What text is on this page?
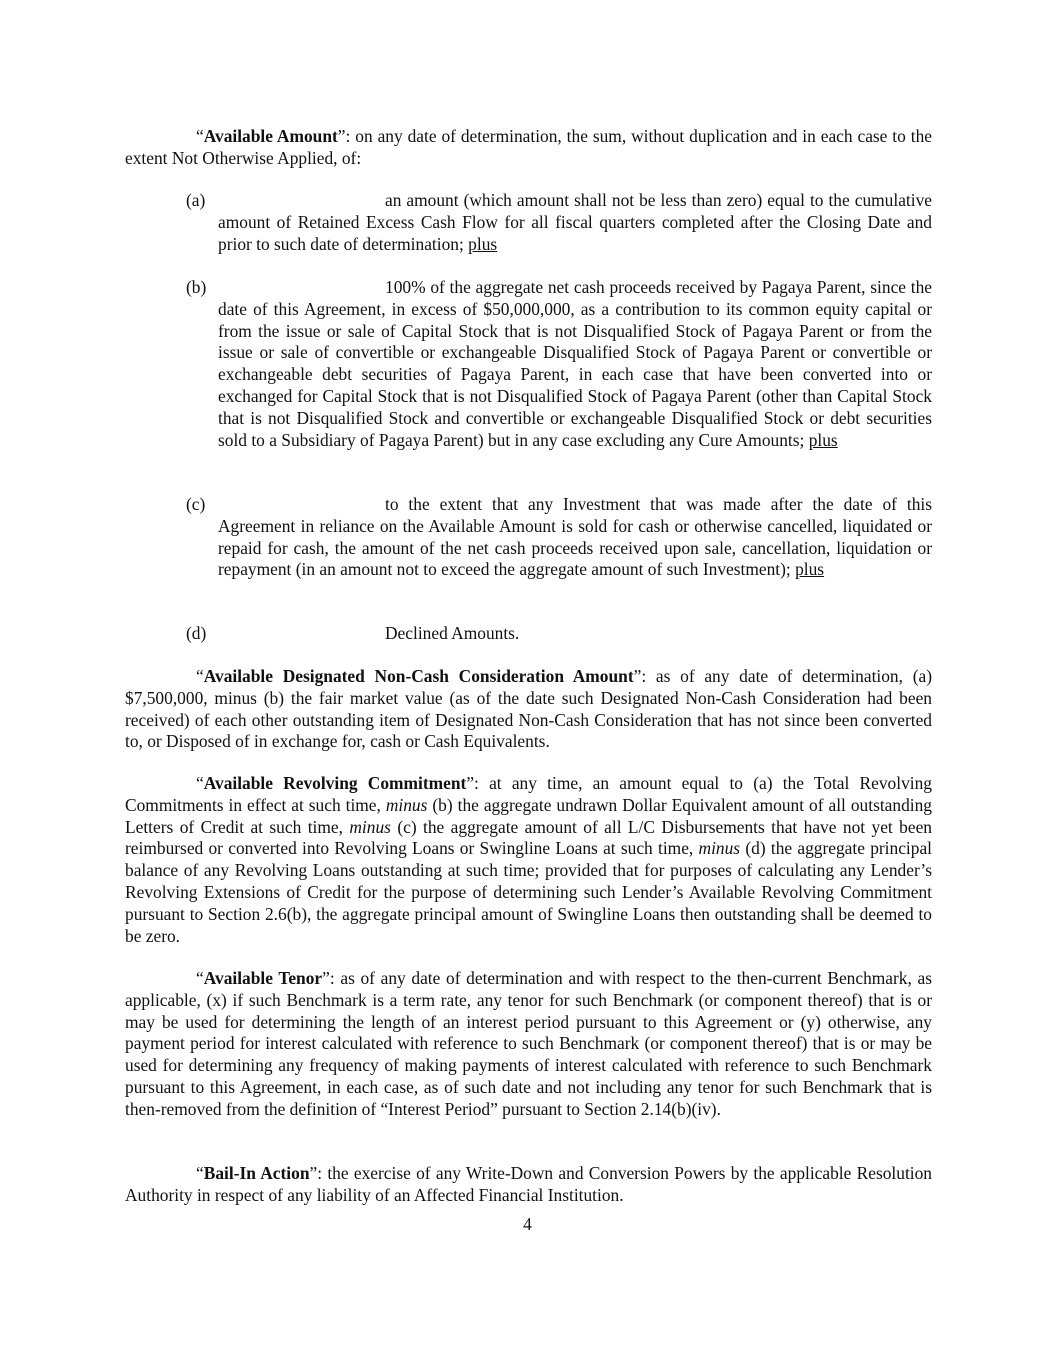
“Available Amount”: on any date of determination, the sum, without duplication and in each case to the extent Not Otherwise Applied, of:

(a)	an amount (which amount shall not be less than zero) equal to the cumulative amount of Retained Excess Cash Flow for all fiscal quarters completed after the Closing Date and prior to such date of determination; plus
(b)	100% of the aggregate net cash proceeds received by Pagaya Parent, since the date of this Agreement, in excess of $50,000,000, as a contribution to its common equity capital or from the issue or sale of Capital Stock that is not Disqualified Stock of Pagaya Parent or from the issue or sale of convertible or exchangeable Disqualified Stock of Pagaya Parent or convertible or exchangeable debt securities of Pagaya Parent, in each case that have been converted into or exchanged for Capital Stock that is not Disqualified Stock of Pagaya Parent (other than Capital Stock that is not Disqualified Stock and convertible or exchangeable Disqualified Stock or debt securities sold to a Subsidiary of Pagaya Parent) but in any case excluding any Cure Amounts; plus
(c)	to the extent that any Investment that was made after the date of this Agreement in reliance on the Available Amount is sold for cash or otherwise cancelled, liquidated or repaid for cash, the amount of the net cash proceeds received upon sale, cancellation, liquidation or repayment (in an amount not to exceed the aggregate amount of such Investment); plus
(d)	Declined Amounts.

“Available Designated Non-Cash Consideration Amount”: as of any date of determination, (a) $7,500,000, minus (b) the fair market value (as of the date such Designated Non-Cash Consideration had been received) of each other outstanding item of Designated Non-Cash Consideration that has not since been converted to, or Disposed of in exchange for, cash or Cash Equivalents.

“Available Revolving Commitment”: at any time, an amount equal to (a) the Total Revolving Commitments in effect at such time, minus (b) the aggregate undrawn Dollar Equivalent amount of all outstanding Letters of Credit at such time, minus (c) the aggregate amount of all L/C Disbursements that have not yet been reimbursed or converted into Revolving Loans or Swingline Loans at such time, minus (d) the aggregate principal balance of any Revolving Loans outstanding at such time; provided that for purposes of calculating any Lender’s Revolving Extensions of Credit for the purpose of determining such Lender’s Available Revolving Commitment pursuant to Section 2.6(b), the aggregate principal amount of Swingline Loans then outstanding shall be deemed to be zero.

“Available Tenor”: as of any date of determination and with respect to the then-current Benchmark, as applicable, (x) if such Benchmark is a term rate, any tenor for such Benchmark (or component thereof) that is or may be used for determining the length of an interest period pursuant to this Agreement or (y) otherwise, any payment period for interest calculated with reference to such Benchmark (or component thereof) that is or may be used for determining any frequency of making payments of interest calculated with reference to such Benchmark pursuant to this Agreement, in each case, as of such date and not including any tenor for such Benchmark that is then-removed from the definition of “Interest Period” pursuant to Section 2.14(b)(iv).

“Bail-In Action”: the exercise of any Write-Down and Conversion Powers by the applicable Resolution Authority in respect of any liability of an Affected Financial Institution.

4
